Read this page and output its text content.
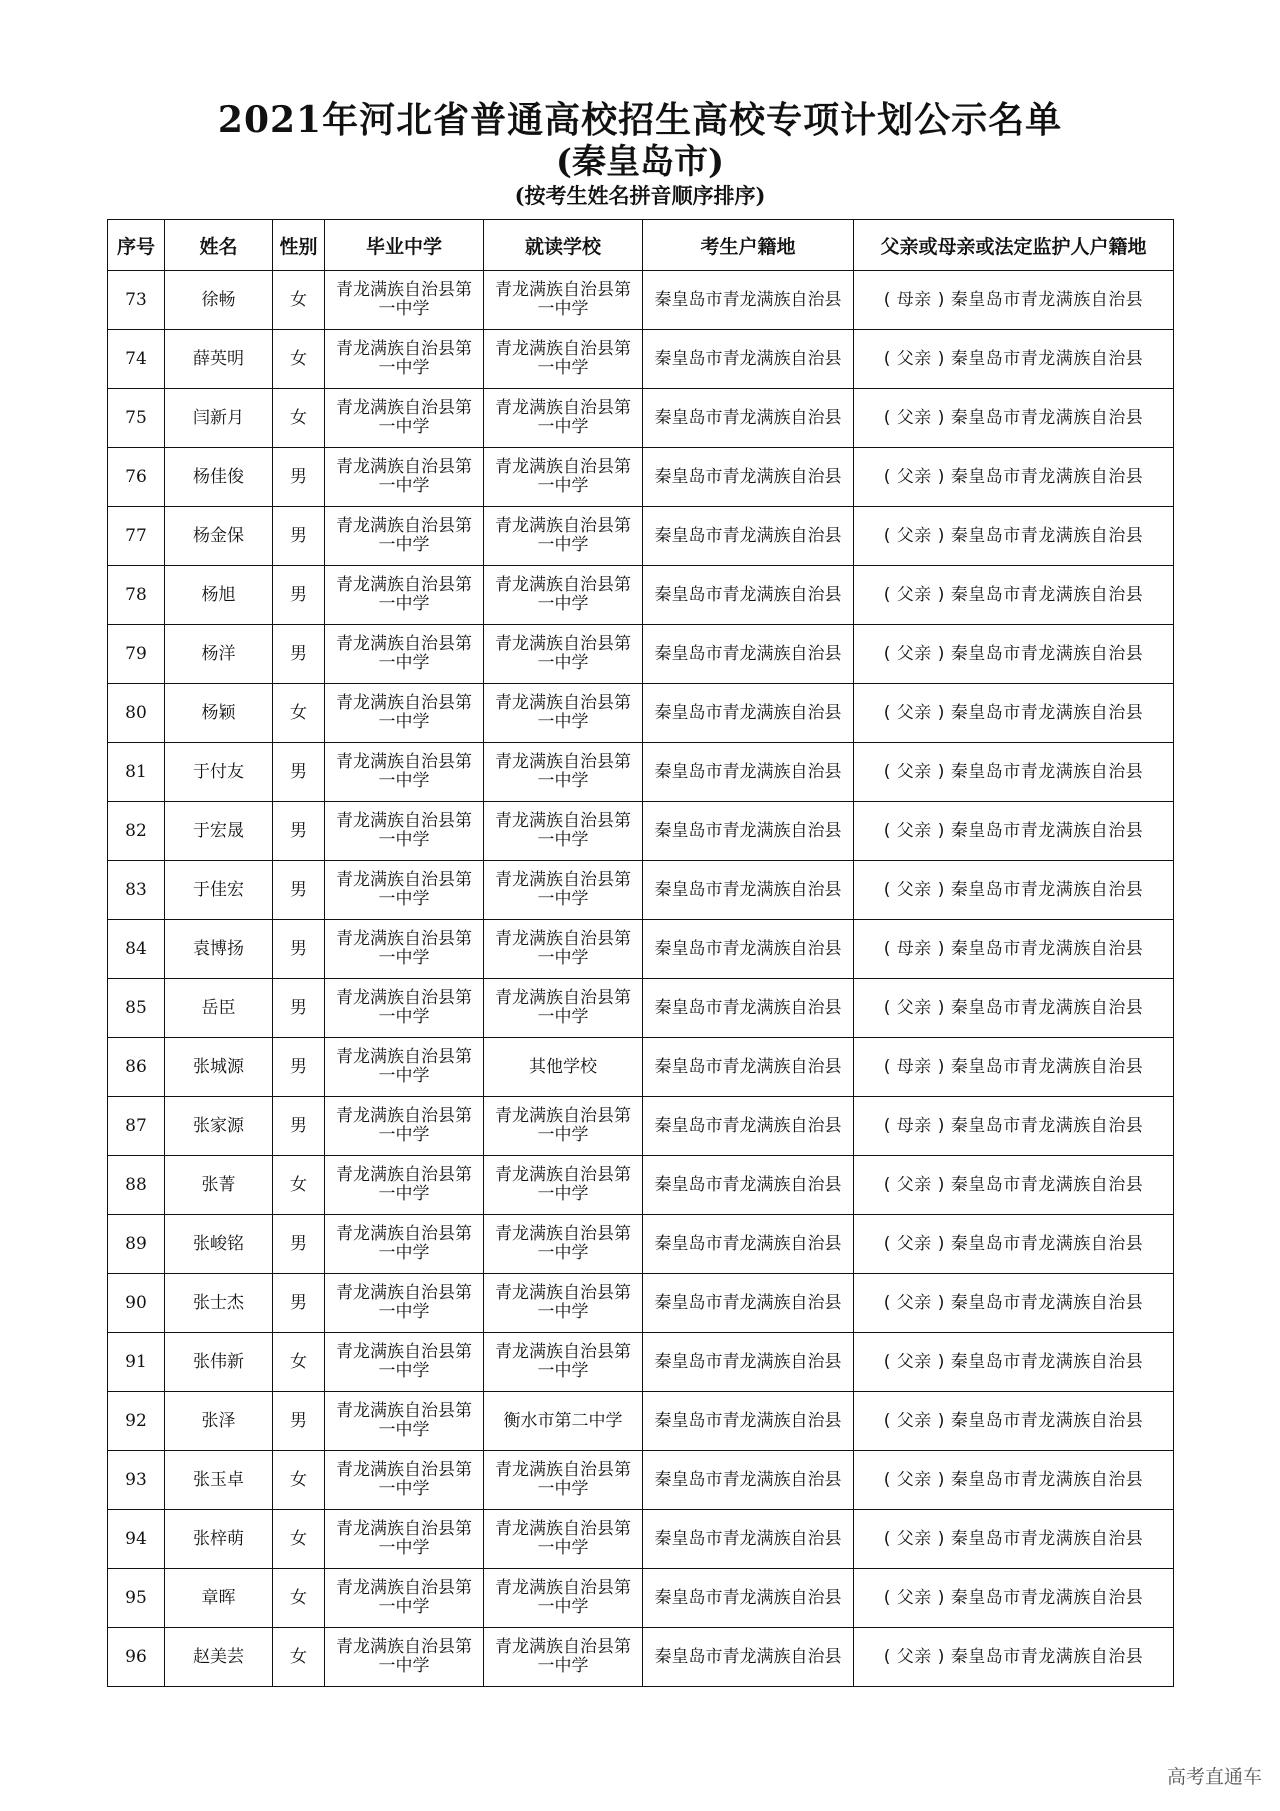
2021年河北省普通高校招生高校专项计划公示名单
(秦皇岛市)
(按考生姓名拼音顺序排序)
序号	姓名	性别	毕业中学	就读学校	考生户籍地	父亲或母亲或法定监护人户籍地
73	徐畅	女	青龙满族自治县第一中学	青龙满族自治县第一中学	秦皇岛市青龙满族自治县	( 母亲 ) 秦皇岛市青龙满族自治县
74	薛英明	女	青龙满族自治县第一中学	青龙满族自治县第一中学	秦皇岛市青龙满族自治县	( 父亲 ) 秦皇岛市青龙满族自治县
75	闫新月	女	青龙满族自治县第一中学	青龙满族自治县第一中学	秦皇岛市青龙满族自治县	( 父亲 ) 秦皇岛市青龙满族自治县
76	杨佳俊	男	青龙满族自治县第一中学	青龙满族自治县第一中学	秦皇岛市青龙满族自治县	( 父亲 ) 秦皇岛市青龙满族自治县
77	杨金保	男	青龙满族自治县第一中学	青龙满族自治县第一中学	秦皇岛市青龙满族自治县	( 父亲 ) 秦皇岛市青龙满族自治县
78	杨旭	男	青龙满族自治县第一中学	青龙满族自治县第一中学	秦皇岛市青龙满族自治县	( 父亲 ) 秦皇岛市青龙满族自治县
79	杨洋	男	青龙满族自治县第一中学	青龙满族自治县第一中学	秦皇岛市青龙满族自治县	( 父亲 ) 秦皇岛市青龙满族自治县
80	杨颖	女	青龙满族自治县第一中学	青龙满族自治县第一中学	秦皇岛市青龙满族自治县	( 父亲 ) 秦皇岛市青龙满族自治县
81	于付友	男	青龙满族自治县第一中学	青龙满族自治县第一中学	秦皇岛市青龙满族自治县	( 父亲 ) 秦皇岛市青龙满族自治县
82	于宏晟	男	青龙满族自治县第一中学	青龙满族自治县第一中学	秦皇岛市青龙满族自治县	( 父亲 ) 秦皇岛市青龙满族自治县
83	于佳宏	男	青龙满族自治县第一中学	青龙满族自治县第一中学	秦皇岛市青龙满族自治县	( 父亲 ) 秦皇岛市青龙满族自治县
84	袁博扬	男	青龙满族自治县第一中学	青龙满族自治县第一中学	秦皇岛市青龙满族自治县	( 母亲 ) 秦皇岛市青龙满族自治县
85	岳臣	男	青龙满族自治县第一中学	青龙满族自治县第一中学	秦皇岛市青龙满族自治县	( 父亲 ) 秦皇岛市青龙满族自治县
86	张城源	男	青龙满族自治县第一中学	其他学校	秦皇岛市青龙满族自治县	( 母亲 ) 秦皇岛市青龙满族自治县
87	张家源	男	青龙满族自治县第一中学	青龙满族自治县第一中学	秦皇岛市青龙满族自治县	( 母亲 ) 秦皇岛市青龙满族自治县
88	张菁	女	青龙满族自治县第一中学	青龙满族自治县第一中学	秦皇岛市青龙满族自治县	( 父亲 ) 秦皇岛市青龙满族自治县
89	张峻铭	男	青龙满族自治县第一中学	青龙满族自治县第一中学	秦皇岛市青龙满族自治县	( 父亲 ) 秦皇岛市青龙满族自治县
90	张士杰	男	青龙满族自治县第一中学	青龙满族自治县第一中学	秦皇岛市青龙满族自治县	( 父亲 ) 秦皇岛市青龙满族自治县
91	张伟新	女	青龙满族自治县第一中学	青龙满族自治县第一中学	秦皇岛市青龙满族自治县	( 父亲 ) 秦皇岛市青龙满族自治县
92	张泽	男	青龙满族自治县第一中学	衡水市第二中学	秦皇岛市青龙满族自治县	( 父亲 ) 秦皇岛市青龙满族自治县
93	张玉卓	女	青龙满族自治县第一中学	青龙满族自治县第一中学	秦皇岛市青龙满族自治县	( 父亲 ) 秦皇岛市青龙满族自治县
94	张梓萌	女	青龙满族自治县第一中学	青龙满族自治县第一中学	秦皇岛市青龙满族自治县	( 父亲 ) 秦皇岛市青龙满族自治县
95	章晖	女	青龙满族自治县第一中学	青龙满族自治县第一中学	秦皇岛市青龙满族自治县	( 父亲 ) 秦皇岛市青龙满族自治县
96	赵美芸	女	青龙满族自治县第一中学	青龙满族自治县第一中学	秦皇岛市青龙满族自治县	( 父亲 ) 秦皇岛市青龙满族自治县
高考直通车
